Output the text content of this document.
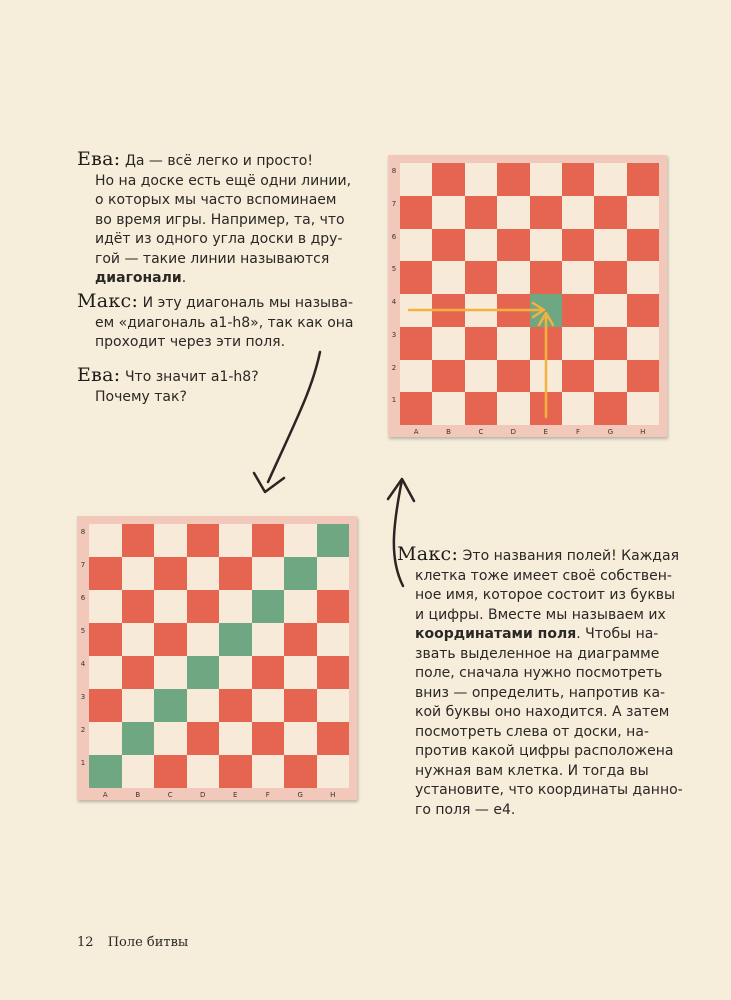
Ева: Да — всё легко и просто!
Но на доске есть ещё одни линии,
о которых мы часто вспоминаем
во время игры. Например, та, что
идёт из одного угла доски в дру-
гой — такие линии называются
диагонали.
Макс: И эту диагональ мы называ-
ем «диагональ a1-h8», так как она
проходит через эти поля.
Ева: Что значит a1-h8?
Почему так?
Макс: Это названия полей! Каждая
клетка тоже имеет своё собствен-
ное имя, которое состоит из буквы
и цифры. Вместе мы называем их
координатами поля. Чтобы на-
звать выделенное на диаграмме
поле, сначала нужно посмотреть
вниз — определить, напротив ка-
кой буквы оно находится. А затем
посмотреть слева от доски, на-
против какой цифры расположена
нужная вам клетка. И тогда вы
установите, что координаты данно-
го поля — e4.
8
7
6
5
4
3
2
1
A	B	C	D	E	F	G	H
8
7
6
5
4
3
2
1
A	B	C	D	E	F	G	H
12 Поле битвы
